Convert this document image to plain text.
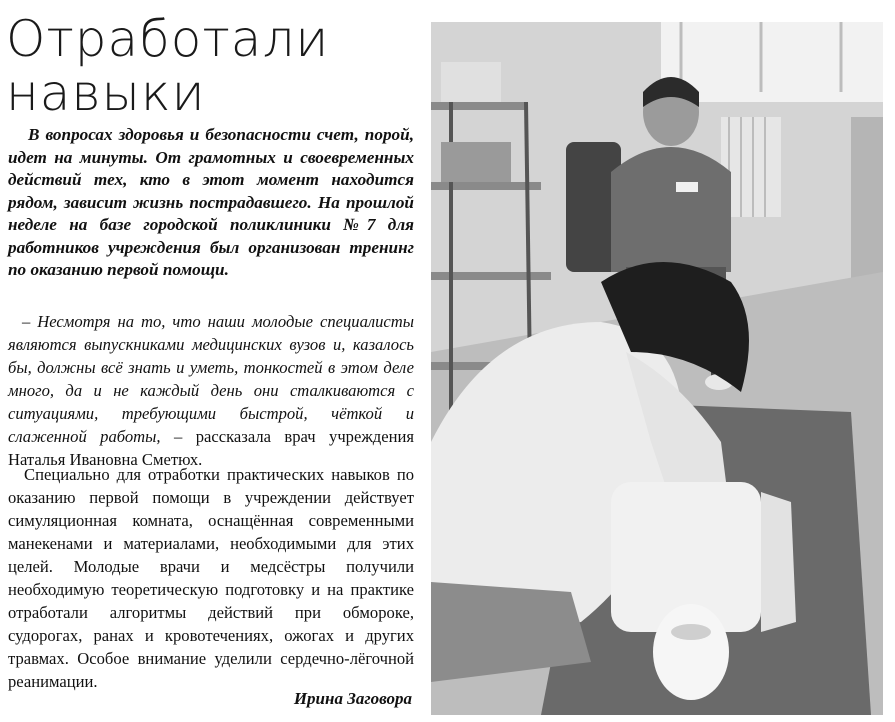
Отработали
навыки

В вопросах здоровья и безопасности счет, порой, идет на минуты. От грамотных и своевременных действий тех, кто в этот момент находится рядом, зависит жизнь пострадавшего. На прошлой неделе на базе городской поликлиники №7 для работников учреждения был организован тренинг по оказанию первой помощи.

– Несмотря на то, что наши молодые специалисты являются выпускниками медицинских вузов и, казалось бы, должны всё знать и уметь, тонкостей в этом деле много, да и не каждый день они сталкиваются с ситуациями, требующими быстрой, чёткой и слаженной работы, – рассказала врач учреждения Наталья Ивановна Сметюх.

Специально для отработки практических навыков по оказанию первой помощи в учреждении действует симуляционная комната, оснащённая современными манекенами и материалами, необходимыми для этих целей. Молодые врачи и медсёстры получили необходимую теоретическую подготовку и на практике отработали алгоритмы действий при обмороке, судорогах, ранах и кровотечениях, ожогах и других травмах. Особое внимание уделили сердечно-лёгочной реанимации.

Ирина Заговора
